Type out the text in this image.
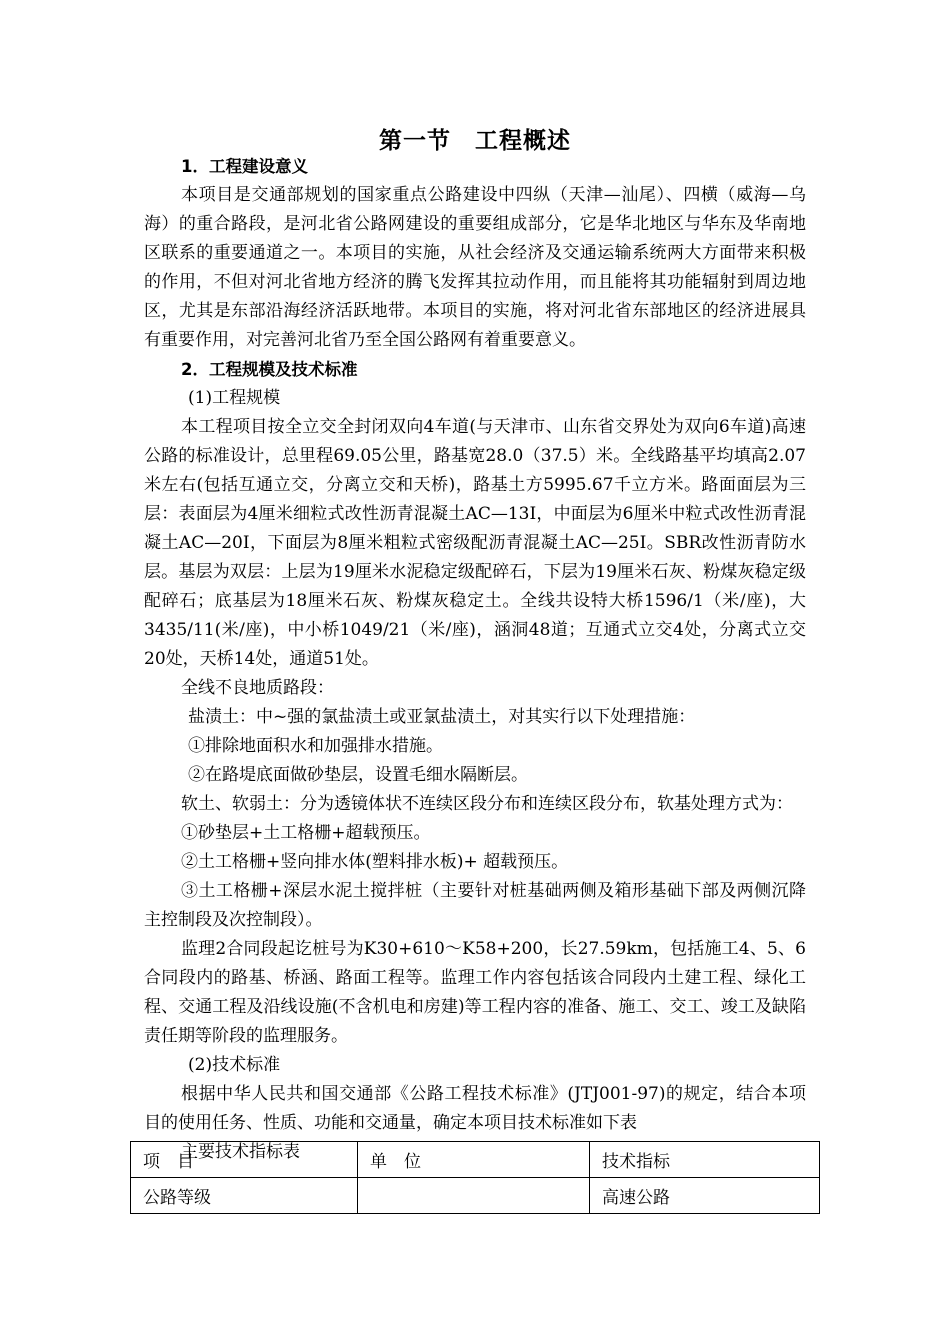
第一节　工程概述
1．工程建设意义
本项目是交通部规划的国家重点公路建设中四纵（天津—汕尾）、四横（威海—乌海）的重合路段，是河北省公路网建设的重要组成部分，它是华北地区与华东及华南地区联系的重要通道之一。本项目的实施，从社会经济及交通运输系统两大方面带来积极的作用，不但对河北省地方经济的腾飞发挥其拉动作用，而且能将其功能辐射到周边地区，尤其是东部沿海经济活跃地带。本项目的实施，将对河北省东部地区的经济进展具有重要作用，对完善河北省乃至全国公路网有着重要意义。
2．工程规模及技术标准
(1)工程规模
本工程项目按全立交全封闭双向4车道(与天津市、山东省交界处为双向6车道)高速公路的标准设计，总里程69.05公里，路基宽28.0（37.5）米。全线路基平均填高2.07米左右(包括互通立交，分离立交和天桥)，路基土方5995.67千立方米。路面面层为三层：表面层为4厘米细粒式改性沥青混凝土AC—13I，中面层为6厘米中粒式改性沥青混凝土AC—20I，下面层为8厘米粗粒式密级配沥青混凝土AC—25I。SBR改性沥青防水层。基层为双层：上层为19厘米水泥稳定级配碎石，下层为19厘米石灰、粉煤灰稳定级配碎石；底基层为18厘米石灰、粉煤灰稳定土。全线共设特大桥1596/1（米/座)，大3435/11(米/座)，中小桥1049/21（米/座)，涵洞48道；互通式立交4处，分离式立交20处，天桥14处，通道51处。
全线不良地质路段：
盐渍土：中~强的氯盐渍土或亚氯盐渍土，对其实行以下处理措施：
①排除地面积水和加强排水措施。
②在路堤底面做砂垫层，设置毛细水隔断层。
软土、软弱土：分为透镜体状不连续区段分布和连续区段分布，软基处理方式为：
①砂垫层+土工格栅+超载预压。
②土工格栅+竖向排水体(塑料排水板)+ 超载预压。
③土工格栅+深层水泥土搅拌桩（主要针对桩基础两侧及箱形基础下部及两侧沉降主控制段及次控制段）。
监理2合同段起讫桩号为K30+610～K58+200，长27.59km，包括施工4、5、6合同段内的路基、桥涵、路面工程等。监理工作内容包括该合同段内土建工程、绿化工程、交通工程及沿线设施(不含机电和房建)等工程内容的准备、施工、交工、竣工及缺陷责任期等阶段的监理服务。
(2)技术标准
根据中华人民共和国交通部《公路工程技术标准》(JTJ001-97)的规定，结合本项目的使用任务、性质、功能和交通量，确定本项目技术标准如下表
主要技术指标表
项　目	单　位	技术指标
公路等级		高速公路
